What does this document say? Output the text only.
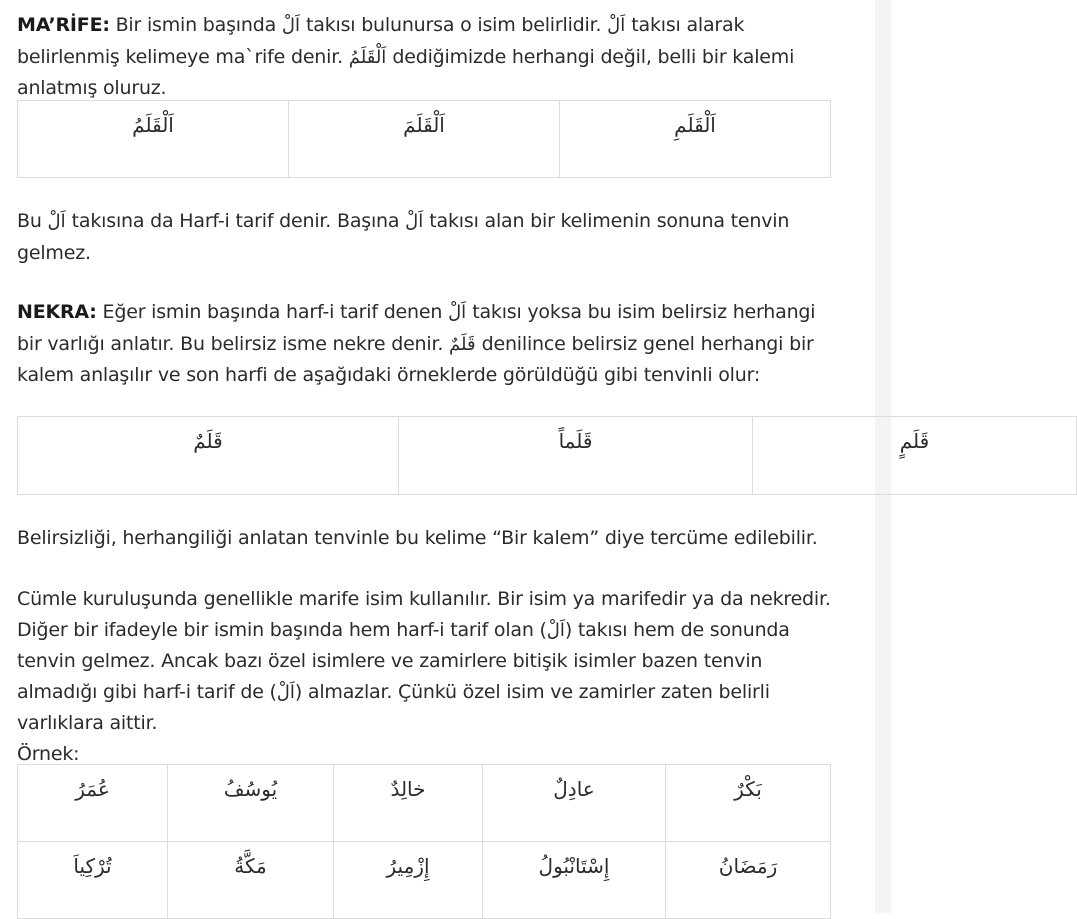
MA’RİFE: Bir ismin başında اَلْ takısı bulunursa o isim belirlidir. اَلْ takısı alarak belirlenmiş kelimeye ma`rife denir. اَلْقَلَمُ dediğimizde herhangi değil, belli bir kalemi anlatmış oluruz.

اَلْقَلَمُ	اَلْقَلَمَ	اَلْقَلَمِ

Bu اَلْ takısına da Harf-i tarif denir. Başına اَلْ takısı alan bir kelimenin sonuna tenvin gelmez.

NEKRA: Eğer ismin başında harf-i tarif denen اَلْ takısı yoksa bu isim belirsiz herhangi bir varlığı anlatır. Bu belirsiz isme nekre denir. قَلَمٌ denilince belirsiz genel herhangi bir kalem anlaşılır ve son harfi de aşağıdaki örneklerde görüldüğü gibi tenvinli olur:

قَلَمٌ	قَلَماً	قَلَمٍ

Belirsizliği, herhangiliği anlatan tenvinle bu kelime “Bir kalem” diye tercüme edilebilir.

Cümle kuruluşunda genellikle marife isim kullanılır. Bir isim ya marifedir ya da nekredir. Diğer bir ifadeyle bir ismin başında hem harf-i tarif olan (اَلْ) takısı hem de sonunda tenvin gelmez. Ancak bazı özel isimlere ve zamirlere bitişik isimler bazen tenvin almadığı gibi harf-i tarif de (اَلْ) almazlar. Çünkü özel isim ve zamirler zaten belirli varlıklara aittir.
Örnek:

عُمَرُ	يُوسُفُ	خالِدٌ	عادِلٌ	بَكْرٌ
تُرْكِياَ	مَكَّةُ	إِزْمِيرُ	إِسْتَانْبُولُ	رَمَضَانُ
